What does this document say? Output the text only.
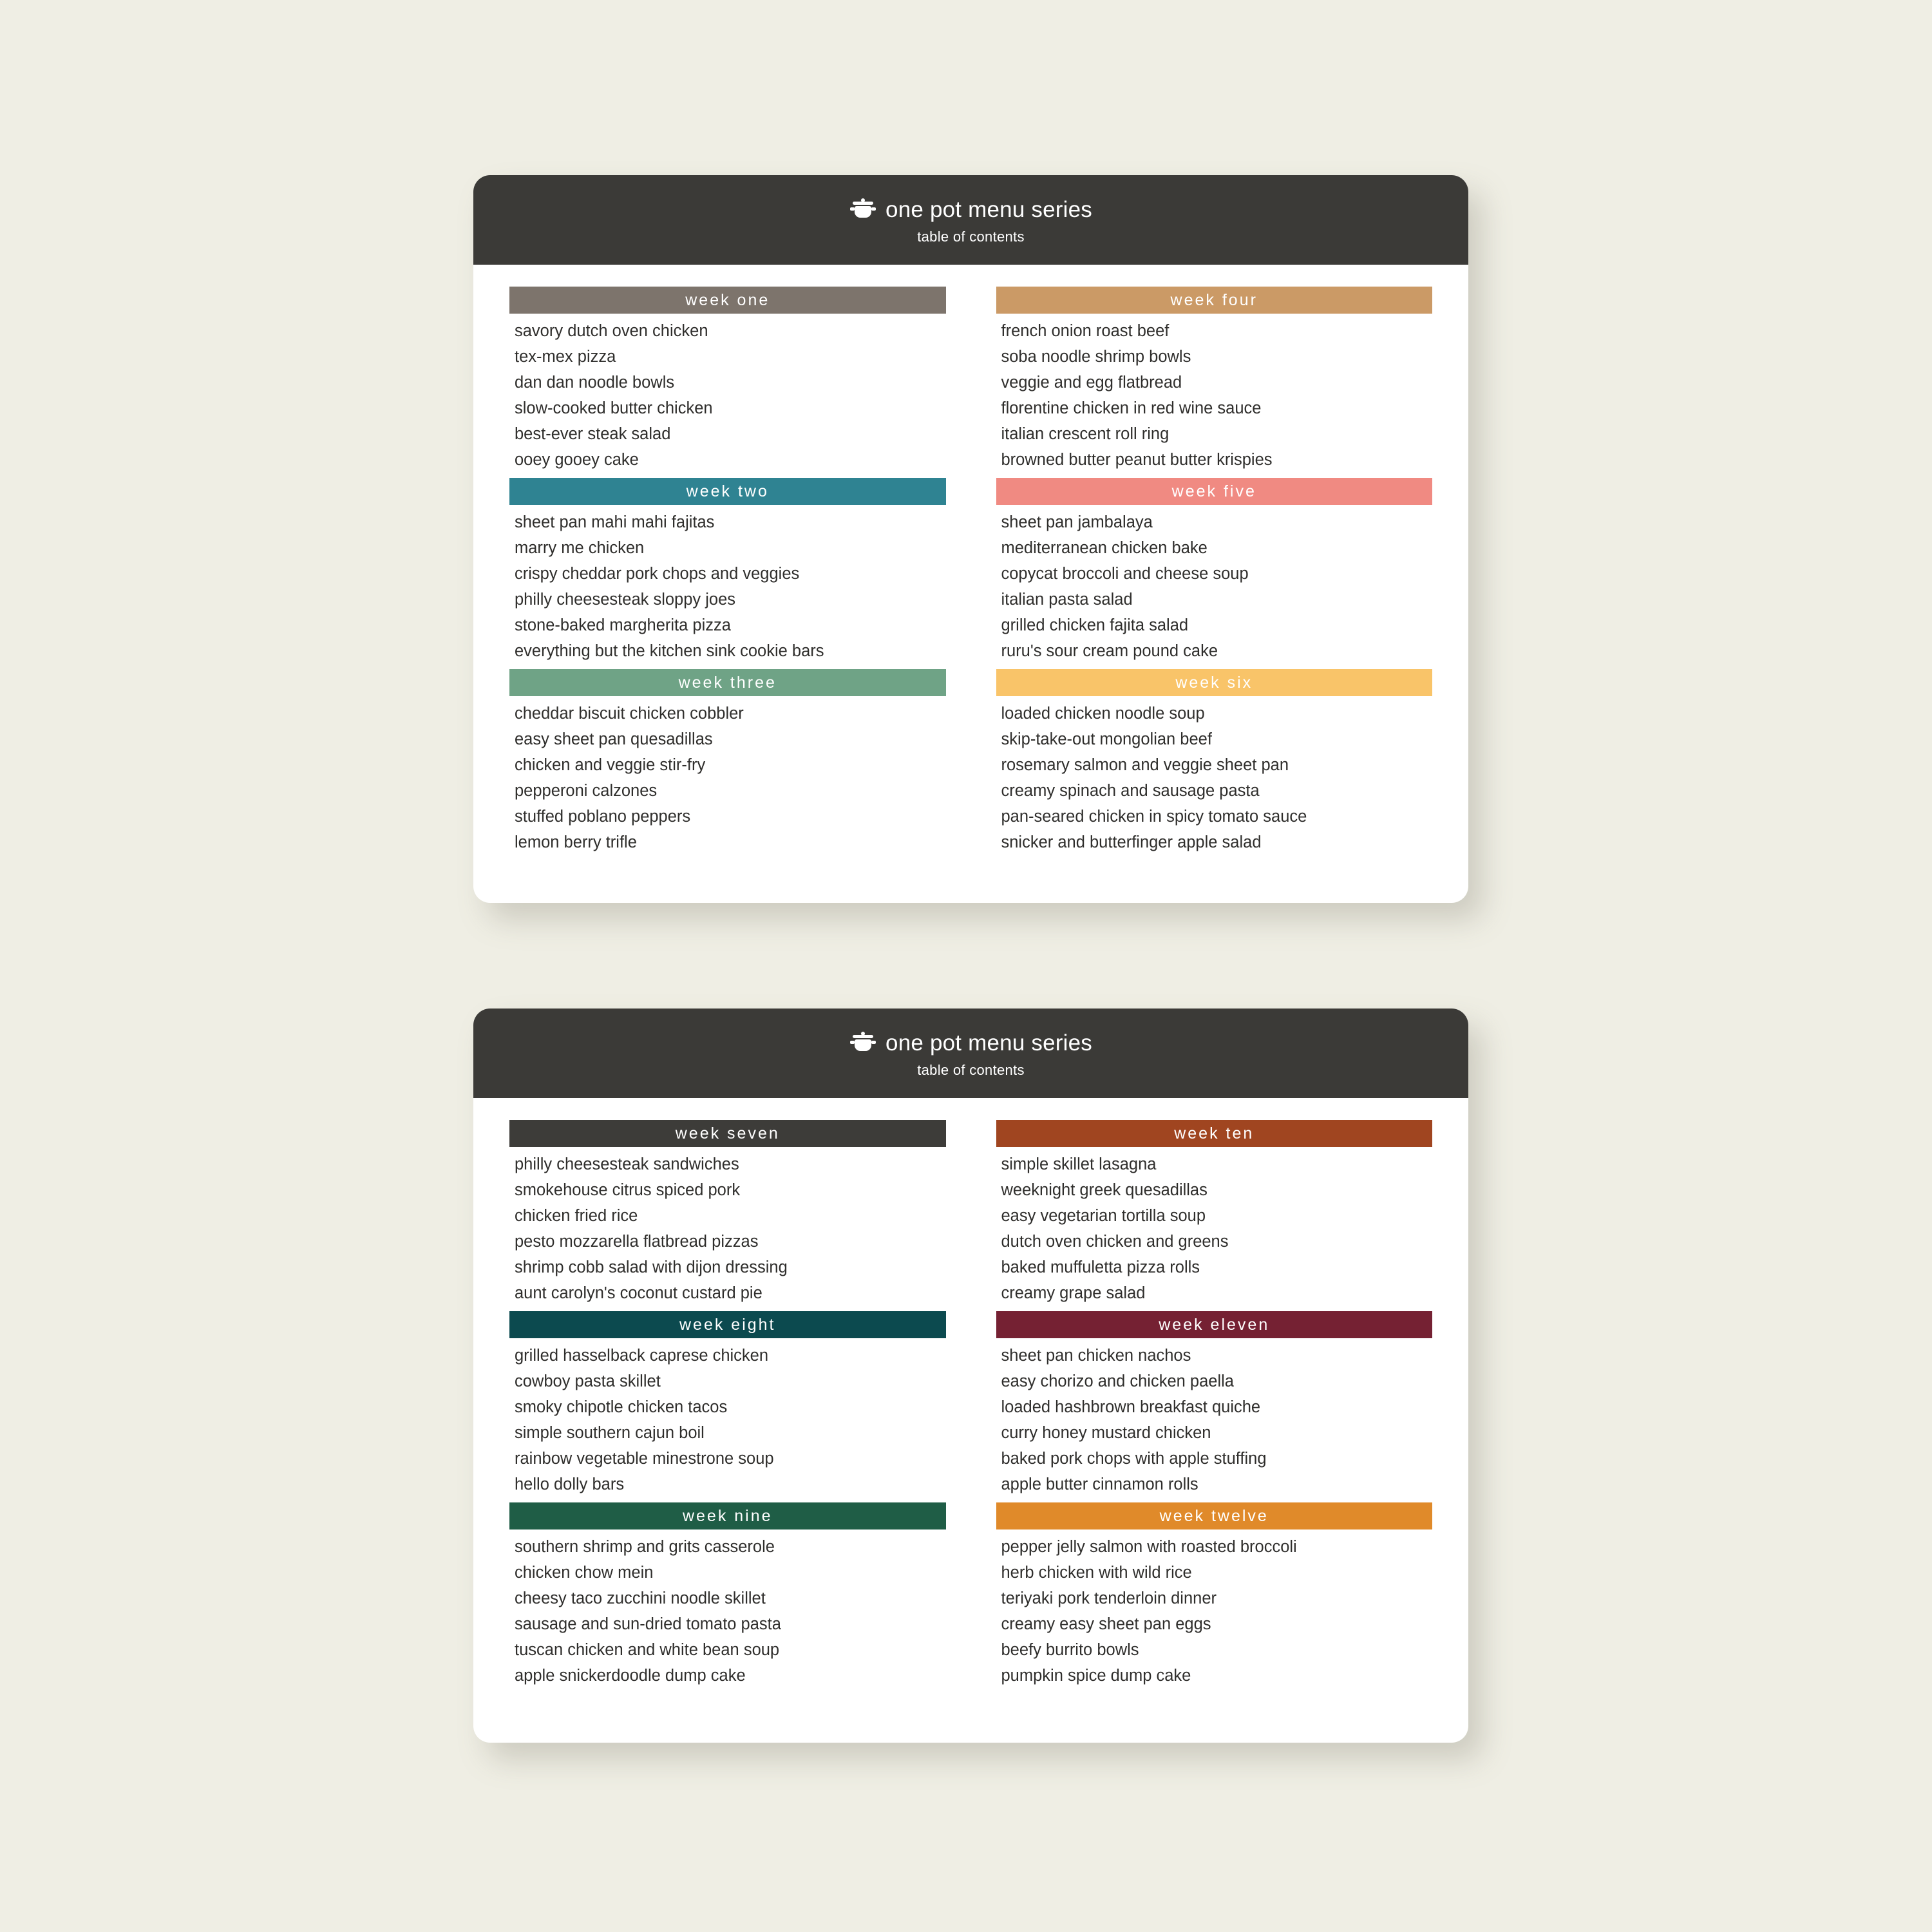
one pot menu series
table of contents
week one
savory dutch oven chicken
tex-mex pizza
dan dan noodle bowls
slow-cooked butter chicken
best-ever steak salad
ooey gooey cake
week two
sheet pan mahi mahi fajitas
marry me chicken
crispy cheddar pork chops and veggies
philly cheesesteak sloppy joes
stone-baked margherita pizza
everything but the kitchen sink cookie bars
week three
cheddar biscuit chicken cobbler
easy sheet pan quesadillas
chicken and veggie stir-fry
pepperoni calzones
stuffed poblano peppers
lemon berry trifle
week four
french onion roast beef
soba noodle shrimp bowls
veggie and egg flatbread
florentine chicken in red wine sauce
italian crescent roll ring
browned butter peanut butter krispies
week five
sheet pan jambalaya
mediterranean chicken bake
copycat broccoli and cheese soup
italian pasta salad
grilled chicken fajita salad
ruru's sour cream pound cake
week six
loaded chicken noodle soup
skip-take-out mongolian beef
rosemary salmon and veggie sheet pan
creamy spinach and sausage pasta
pan-seared chicken in spicy tomato sauce
snicker and butterfinger apple salad
one pot menu series
table of contents
week seven
philly cheesesteak sandwiches
smokehouse citrus spiced pork
chicken fried rice
pesto mozzarella flatbread pizzas
shrimp cobb salad with dijon dressing
aunt carolyn's coconut custard pie
week eight
grilled hasselback caprese chicken
cowboy pasta skillet
smoky chipotle chicken tacos
simple southern cajun boil
rainbow vegetable minestrone soup
hello dolly bars
week nine
southern shrimp and grits casserole
chicken chow mein
cheesy taco zucchini noodle skillet
sausage and sun-dried tomato pasta
tuscan chicken and white bean soup
apple snickerdoodle dump cake
week ten
simple skillet lasagna
weeknight greek quesadillas
easy vegetarian tortilla soup
dutch oven chicken and greens
baked muffuletta pizza rolls
creamy grape salad
week eleven
sheet pan chicken nachos
easy chorizo and chicken paella
loaded hashbrown breakfast quiche
curry honey mustard chicken
baked pork chops with apple stuffing
apple butter cinnamon rolls
week twelve
pepper jelly salmon with roasted broccoli
herb chicken with wild rice
teriyaki pork tenderloin dinner
creamy easy sheet pan eggs
beefy burrito bowls
pumpkin spice dump cake
